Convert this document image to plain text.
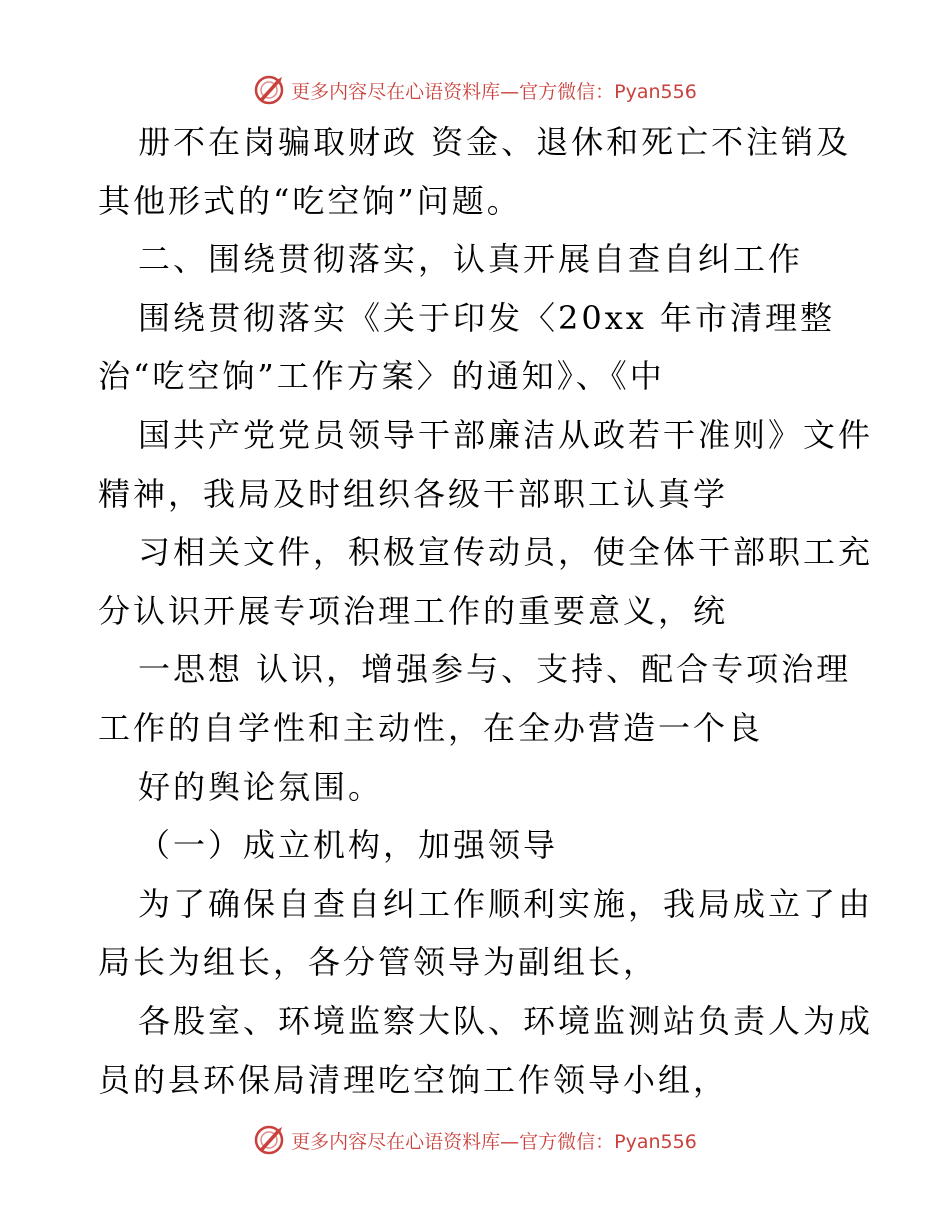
更多内容尽在心语资料库—官方微信：Pyan556
册不在岗骗取财政 资金、退休和死亡不注销及
其他形式的“吃空饷”问题。
二、围绕贯彻落实，认真开展自查自纠工作
围绕贯彻落实《关于印发〈20xx 年市清理整
治“吃空饷”工作方案〉的通知》、《中
国共产党党员领导干部廉洁从政若干准则》文件
精神，我局及时组织各级干部职工认真学
习相关文件，积极宣传动员，使全体干部职工充
分认识开展专项治理工作的重要意义，统
一思想 认识，增强参与、支持、配合专项治理
工作的自学性和主动性，在全办营造一个良
好的舆论氛围。
（一）成立机构，加强领导
为了确保自查自纠工作顺利实施，我局成立了由
局长为组长，各分管领导为副组长，
各股室、环境监察大队、环境监测站负责人为成
员的县环保局清理吃空饷工作领导小组，
更多内容尽在心语资料库—官方微信：Pyan556
